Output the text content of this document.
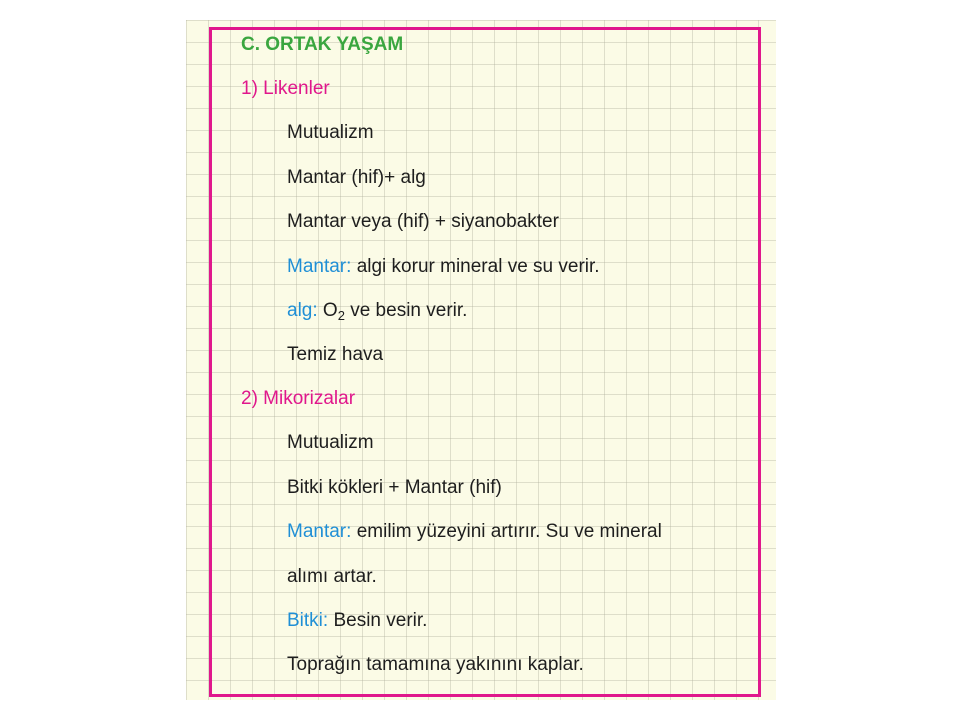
C. ORTAK YAŞAM
1) Likenler
Mutualizm
Mantar (hif)+ alg
Mantar veya (hif) + siyanobakter
Mantar: algi korur mineral ve su verir.
alg: $O_2$ ve besin verir.
Temiz hava
2) Mikorizalar
Mutualizm
Bitki kökleri + Mantar (hif)
Mantar: emilim yüzeyini artırır. Su ve mineral
alımı artar.
Bitki: Besin verir.
Toprağın tamamına yakınını kaplar.
